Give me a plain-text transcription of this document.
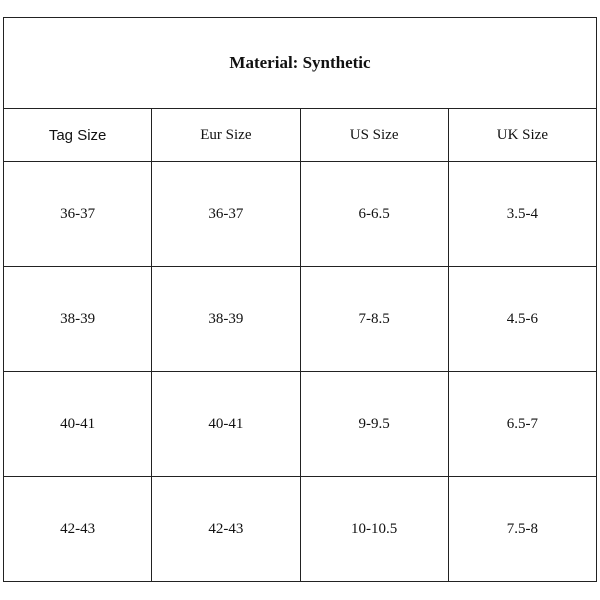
Material: Synthetic			
Tag Size	Eur Size	US Size	UK Size
36-37	36-37	6-6.5	3.5-4
38-39	38-39	7-8.5	4.5-6
40-41	40-41	9-9.5	6.5-7
42-43	42-43	10-10.5	7.5-8
